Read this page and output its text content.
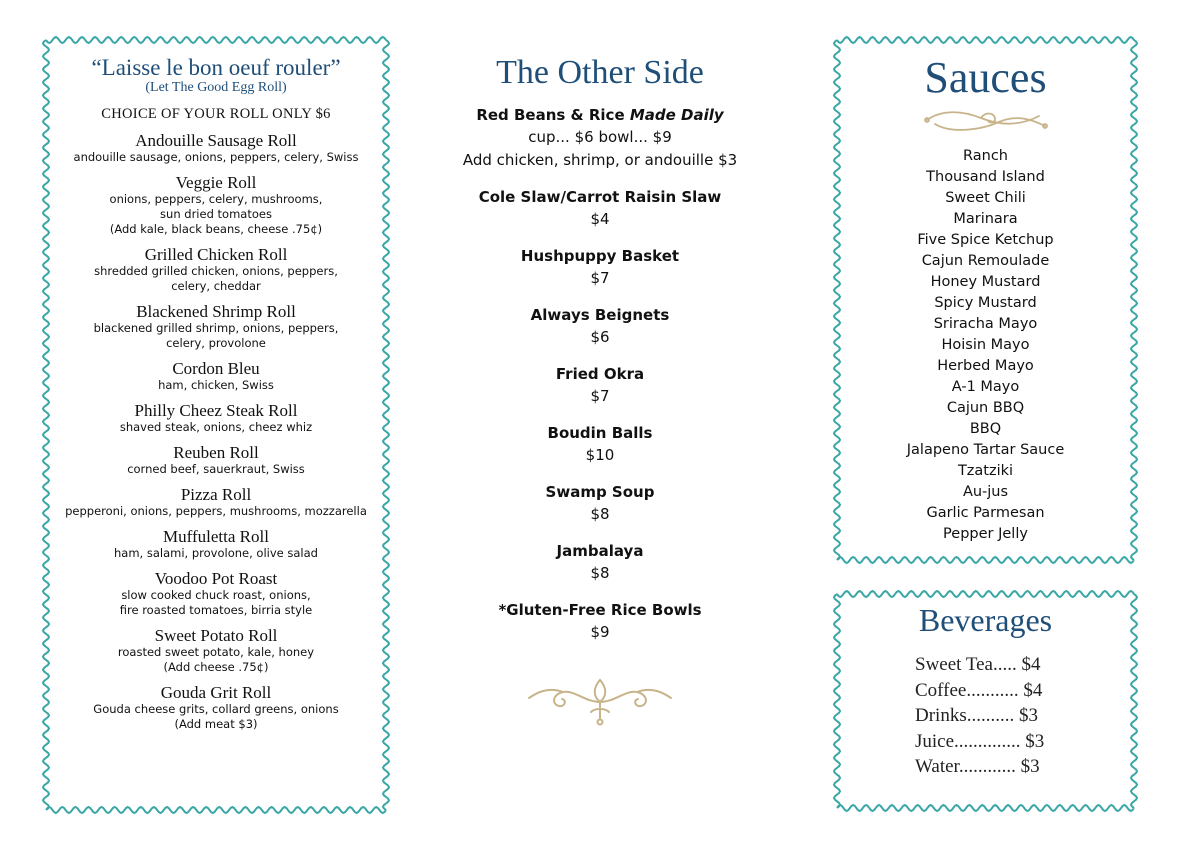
“Laisse le bon oeuf rouler”
(Let The Good Egg Roll)
CHOICE OF YOUR ROLL ONLY $6
Andouille Sausage Roll
andouille sausage, onions, peppers, celery, Swiss
Veggie Roll
onions, peppers, celery, mushrooms,
sun dried tomatoes
(Add kale, black beans, cheese .75¢)
Grilled Chicken Roll
shredded grilled chicken, onions, peppers,
celery, cheddar
Blackened Shrimp Roll
blackened grilled shrimp, onions, peppers,
celery, provolone
Cordon Bleu
ham, chicken, Swiss
Philly Cheez Steak Roll
shaved steak, onions, cheez whiz
Reuben Roll
corned beef, sauerkraut, Swiss
Pizza Roll
pepperoni, onions, peppers, mushrooms, mozzarella
Muffuletta Roll
ham, salami, provolone, olive salad
Voodoo Pot Roast
slow cooked chuck roast, onions,
fire roasted tomatoes, birria style
Sweet Potato Roll
roasted sweet potato, kale, honey
(Add cheese .75¢)
Gouda Grit Roll
Gouda cheese grits, collard greens, onions
(Add meat $3)
The Other Side
Red Beans & Rice Made Daily
cup... $6 bowl... $9
Add chicken, shrimp, or andouille $3
Cole Slaw/Carrot Raisin Slaw
$4
Hushpuppy Basket
$7
Always Beignets
$6
Fried Okra
$7
Boudin Balls
$10
Swamp Soup
$8
Jambalaya
$8
*Gluten-Free Rice Bowls
$9
Sauces
Ranch
Thousand Island
Sweet Chili
Marinara
Five Spice Ketchup
Cajun Remoulade
Honey Mustard
Spicy Mustard
Sriracha Mayo
Hoisin Mayo
Herbed Mayo
A-1 Mayo
Cajun BBQ
BBQ
Jalapeno Tartar Sauce
Tzatziki
Au-jus
Garlic Parmesan
Pepper Jelly
Beverages
Sweet Tea..... $4
Coffee........... $4
Drinks.......... $3
Juice.............. $3
Water............ $3
